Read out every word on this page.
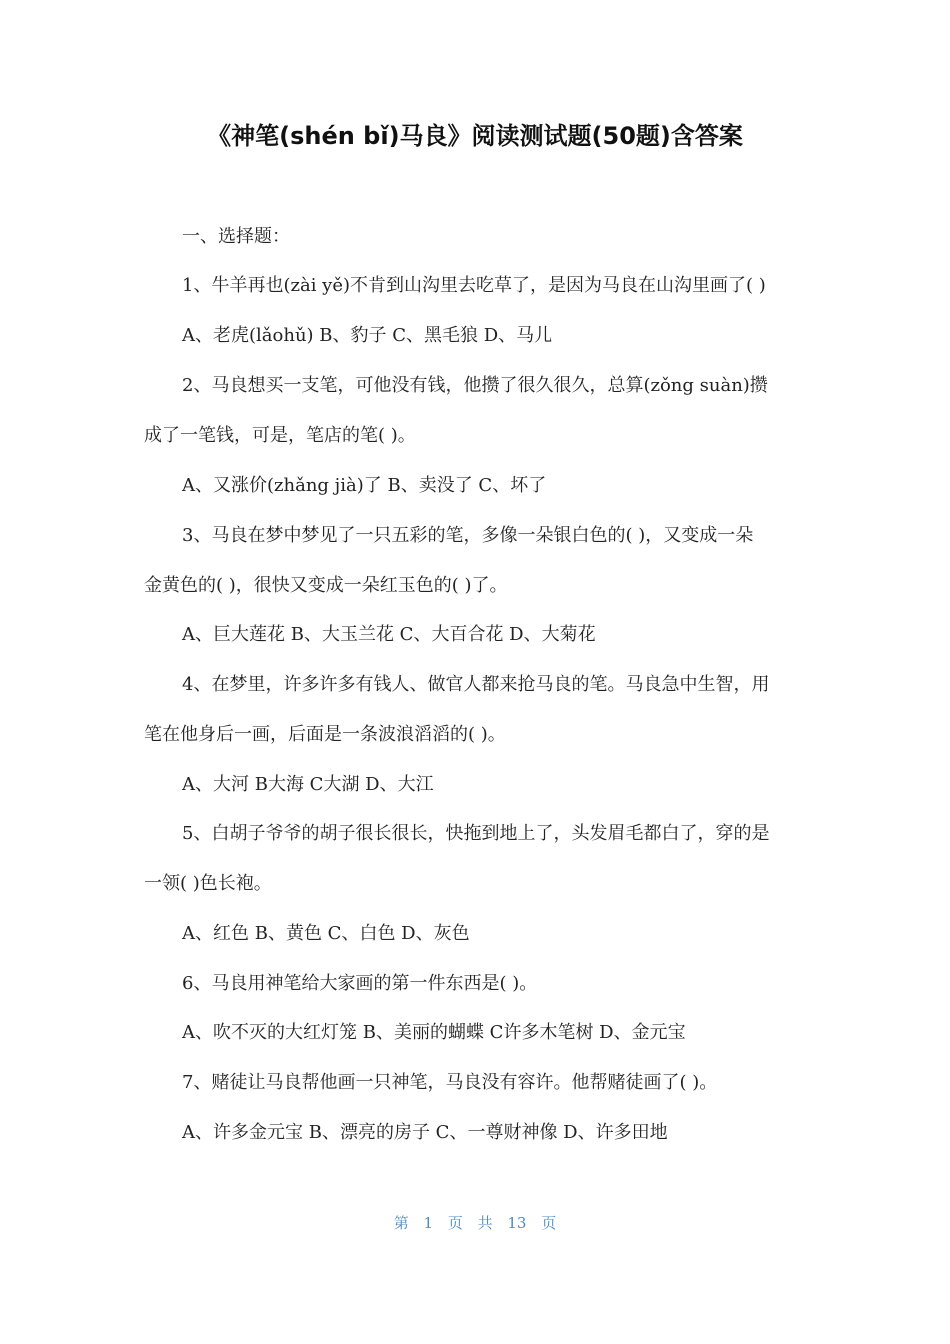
《神笔(shén bǐ)马良》阅读测试题(50题)含答案
一、选择题：
1、牛羊再也(zài yě)不肯到山沟里去吃草了，是因为马良在山沟里画了( )
A、老虎(lǎohǔ) B、豹子 C、黑毛狼 D、马儿
2、马良想买一支笔，可他没有钱，他攒了很久很久，总算(zǒng suàn)攒
成了一笔钱，可是，笔店的笔( )。
A、又涨价(zhǎng jià)了 B、卖没了 C、坏了
3、马良在梦中梦见了一只五彩的笔，多像一朵银白色的( )，又变成一朵
金黄色的( )，很快又变成一朵红玉色的( )了。
A、巨大莲花 B、大玉兰花 C、大百合花 D、大菊花
4、在梦里，许多许多有钱人、做官人都来抢马良的笔。马良急中生智，用
笔在他身后一画，后面是一条波浪滔滔的( )。
A、大河 B大海 C大湖 D、大江
5、白胡子爷爷的胡子很长很长，快拖到地上了，头发眉毛都白了，穿的是
一领( )色长袍。
A、红色 B、黄色 C、白色 D、灰色
6、马良用神笔给大家画的第一件东西是( )。
A、吹不灭的大红灯笼 B、美丽的蝴蝶 C许多木笔树 D、金元宝
7、赌徒让马良帮他画一只神笔，马良没有容许。他帮赌徒画了( )。
A、许多金元宝 B、漂亮的房子 C、一尊财神像 D、许多田地
第 1 页 共 13 页
